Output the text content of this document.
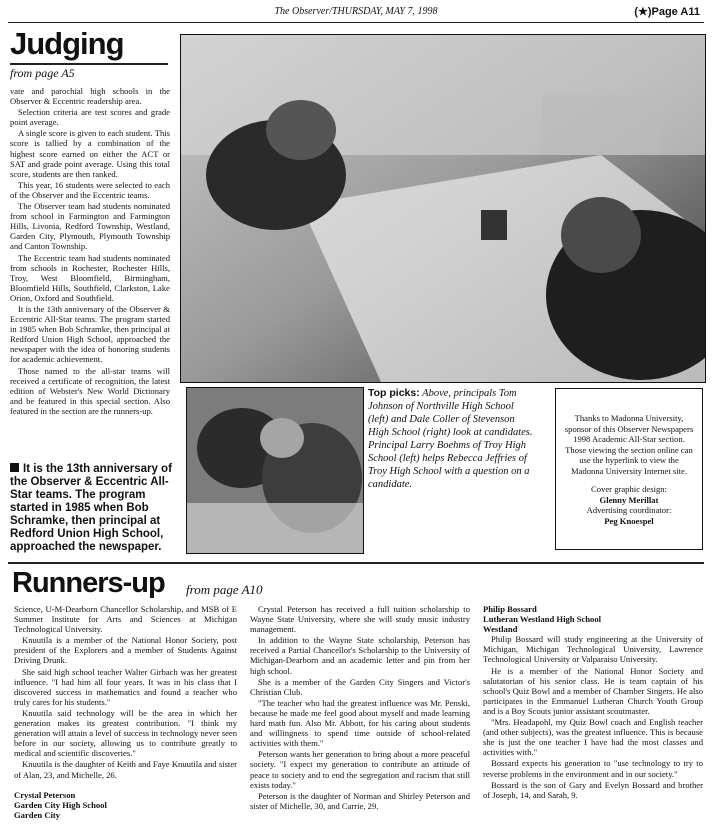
The Observer/THURSDAY, MAY 7, 1998	(★)Page A11
Judging
from page A5

vate and parochial high schools in the Observer & Eccentric readership area.

Selection criteria are test scores and grade point average.

A single score is given to each student. This score is tallied by a combination of the highest score earned on either the ACT or SAT and grade point average. Using this total score, students are then ranked.

This year, 16 students were selected to each of the Observer and the Eccentric teams.

The Observer team had students nominated from school in Farmington and Farmington Hills, Livonia, Redford Township, Westland, Garden City, Plymouth, Plymouth Township and Canton Township.

The Eccentric team had students nominated from schools in Rochester, Rochester Hills, Troy, West Bloomfield, Birmingham, Bloomfield Hills, Southfield, Clarkston, Lake Orion, Oxford and Southfield.

It is the 13th anniversary of the Observer & Eccentric All-Star teams. The program started in 1985 when Bob Schramke, then principal at Redford Union High School, approached the newspaper with the idea of honoring students for academic achievement.

Those named to the all-star teams will received a certificate of recognition, the latest edition of Webster's New World Dictionary and be featured in this special section. Also featured in the section are the runners-up.

It is the 13th anniversary of the Observer & Eccentric All-Star teams. The program started in 1985 when Bob Schramke, then principal at Redford Union High School, approached the newspaper.
Top picks: Above, principals Tom Johnson of Northville High School (left) and Dale Coller of Stevenson High School (right) look at candidates. Principal Larry Boehms of Troy High School (left) helps Rebecca Jeffries of Troy High School with a question on a candidate.
Thanks to Madonna University, sponsor of this Observer Newspapers 1998 Academic All-Star section. Those viewing the section online can use the hyperlink to view the Madonna University Internet site.
Cover graphic design:
Glenny Merillat
Advertising coordinator:
Peg Knoespel
Runners-up from page A10

Science, U-M-Dearborn Chancellor Scholarship, and MSB of E Summer Institute for Arts and Sciences at Michigan Technological University.

Knuutila is a member of the National Honor Society, post president of the Explorers and a member of Students Against Driving Drunk.

She said high school teacher Walter Girbach was her greatest influence. "I had him all four years. It was in his class that I discovered success in mathematics and found a teacher who truly cares for his students."

Knuutila said technology will be the area in which her generation makes its greatest contribution. "I think my generation will attain a level of success in technology never seen before in our society, allowing us to contribute greatly to medical and scientific discoveries."

Knuutila is the daughter of Keith and Faye Knuutila and sister of Alan, 23, and Michelle, 26.

Crystal Peterson
Garden City High School
Garden City

Crystal Peterson has received a full tuition scholarship to Wayne State University, where she will study music industry management.

In addition to the Wayne State scholarship, Peterson has received a Partial Chancellor's Scholarship to the University of Michigan-Dearborn and an academic letter and pin from her high school.

She is a member of the Garden City Singers and Victor's Christian Club.

"The teacher who had the greatest influence was Mr. Penski, because he made me feel good about myself and made learning hard math fun. Also Mr. Abbott, for his caring about students and willingness to spend time outside of school-related activities with them."

Peterson wants her generation to bring about a more peaceful society. "I expect my generation to contribute an attitude of peace to society and to end the segregation and racism that still exists today."

Peterson is the daughter of Norman and Shirley Peterson and sister of Michelle, 30, and Carrie, 29.

Philip Bossard
Lutheran Westland High School
Westland

Philip Bossard will study engineering at the University of Michigan, Michigan Technological University, Lawrence Technological University or Valparaiso University.

He is a member of the National Honor Society and salutatorian of his senior class. He is team captain of his school's Quiz Bowl and a member of Chamber Singers. He also participates in the Emmanuel Lutheran Church Youth Group and is a Boy Scouts junior assistant scoutmaster.

"Mrs. Headapohl, my Quiz Bowl coach and English teacher (and other subjects), was the greatest influence. This is because she is just the one teacher I have had the most classes and activities with."

Bossard expects his generation to "use technology to try to reverse problems in the environment and in our society."

Bossard is the son of Gary and Evelyn Bossard and brother of Joseph, 14, and Sarah, 9.
